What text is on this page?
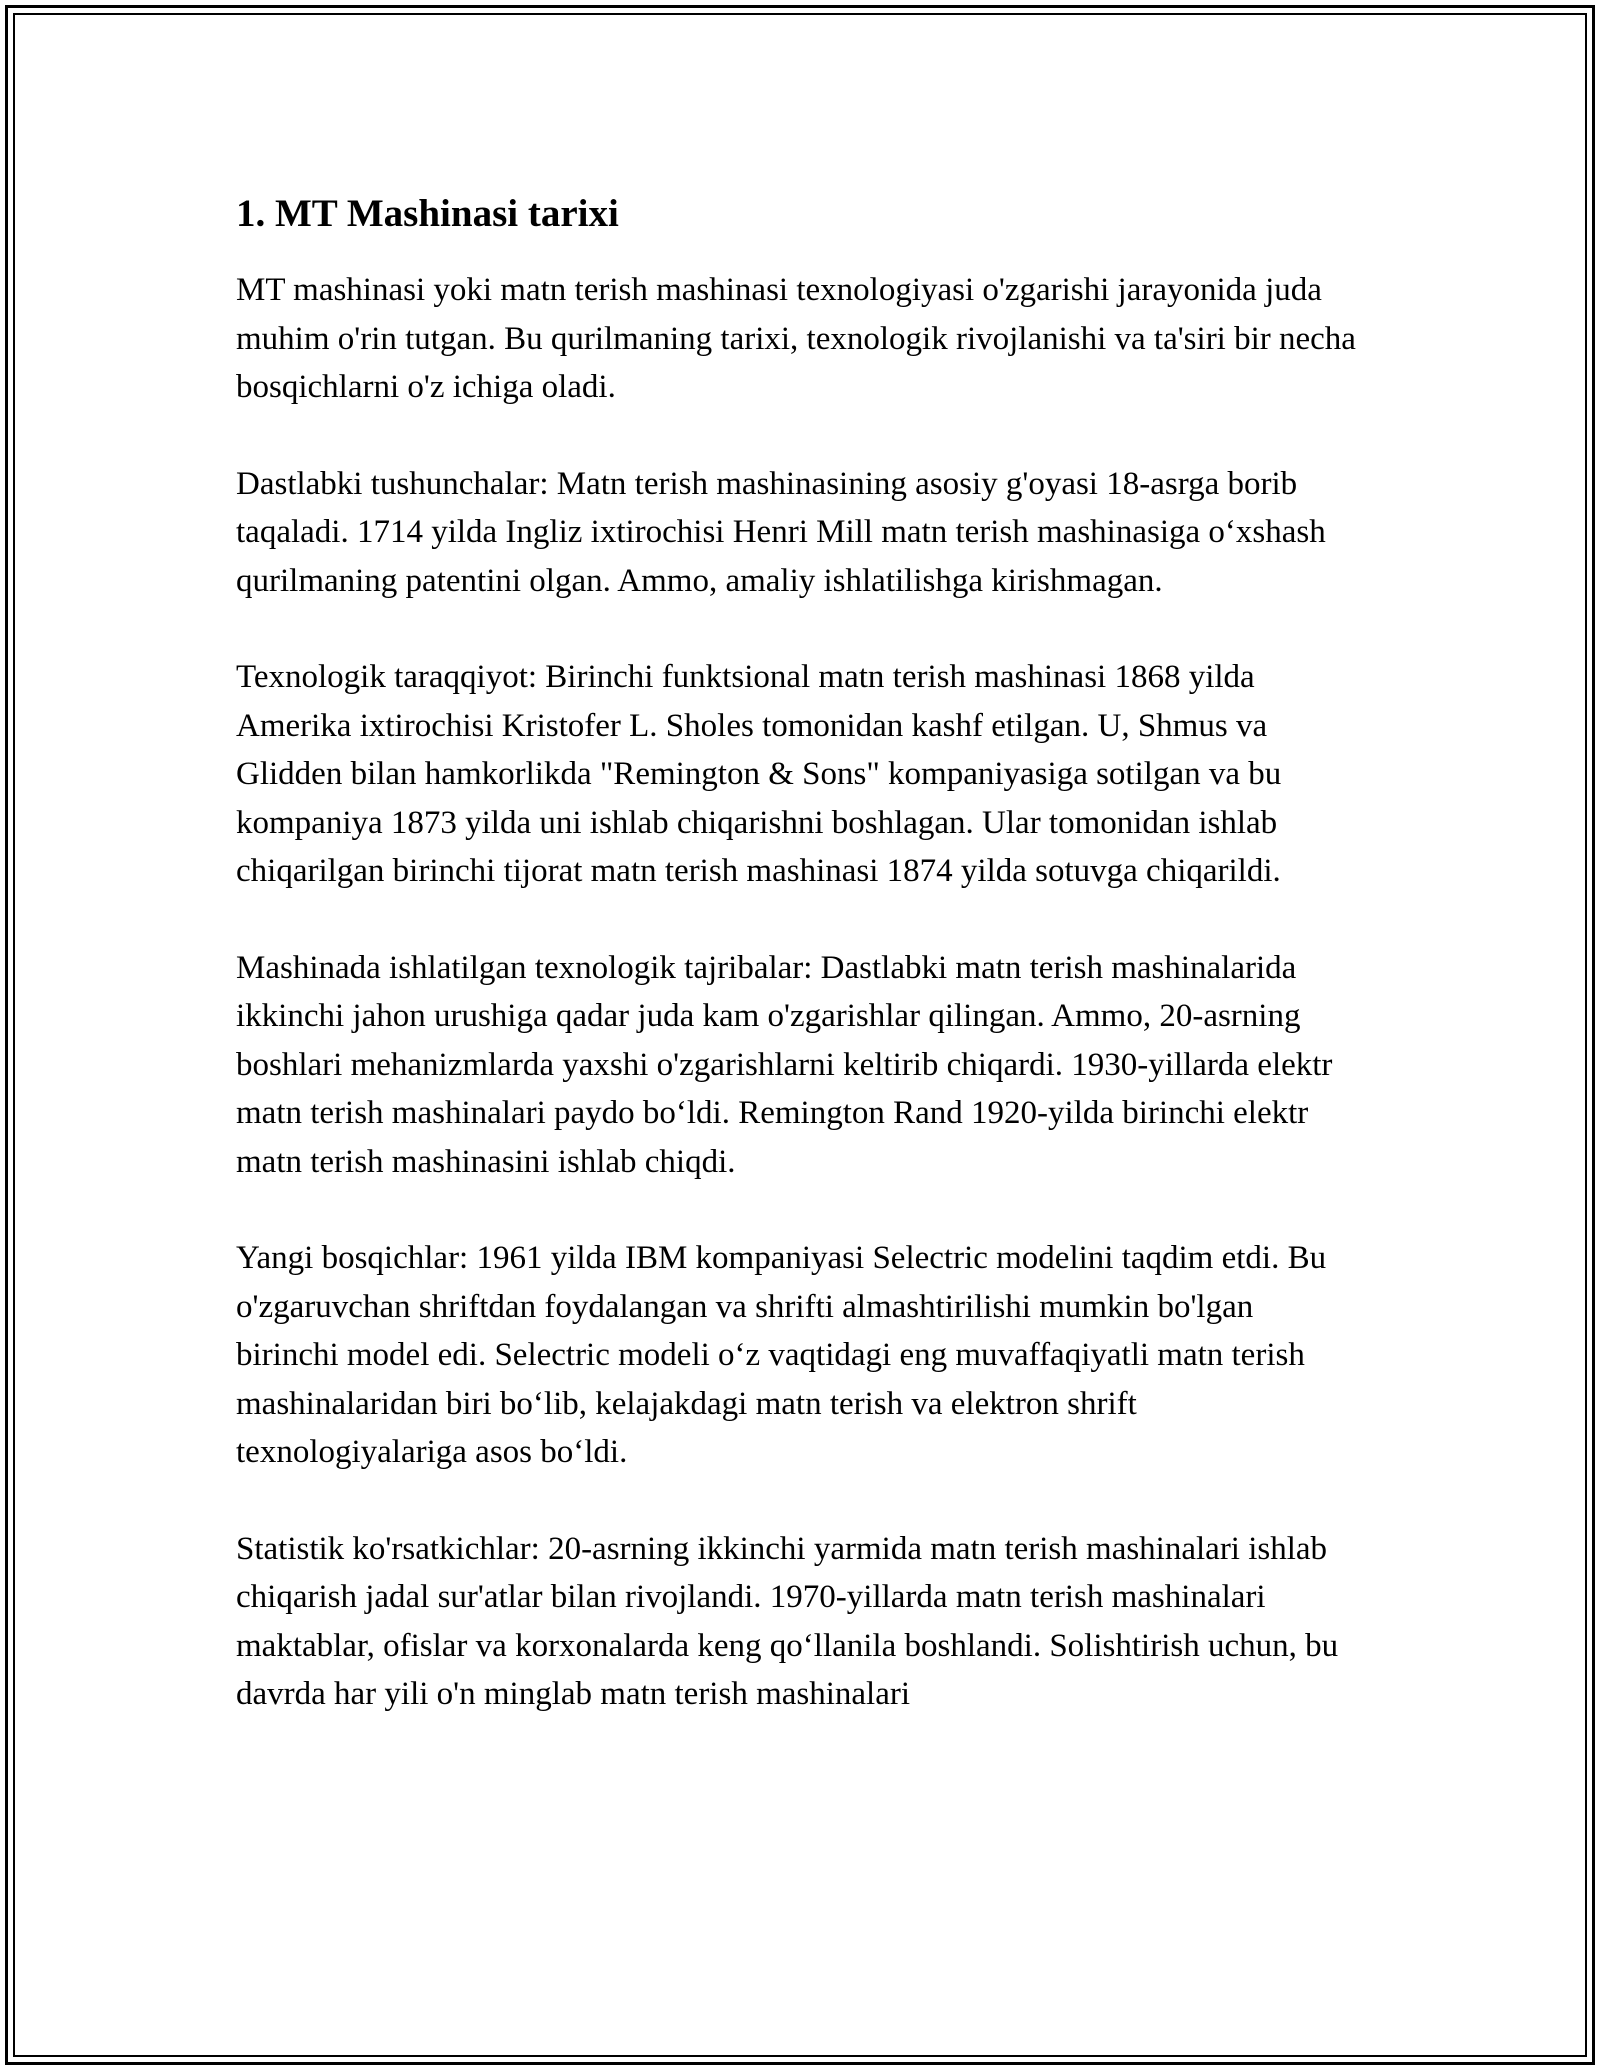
1. MT Mashinasi tarixi

MT mashinasi yoki matn terish mashinasi texnologiyasi o'zgarishi jarayonida juda muhim o'rin tutgan. Bu qurilmaning tarixi, texnologik rivojlanishi va ta'siri bir necha bosqichlarni o'z ichiga oladi.

Dastlabki tushunchalar: Matn terish mashinasining asosiy g'oyasi 18-asrga borib taqaladi. 1714 yilda Ingliz ixtirochisi Henri Mill matn terish mashinasiga o‘xshash qurilmaning patentini olgan. Ammo, amaliy ishlatilishga kirishmagan.

Texnologik taraqqiyot: Birinchi funktsional matn terish mashinasi 1868 yilda Amerika ixtirochisi Kristofer L. Sholes tomonidan kashf etilgan. U, Shmus va Glidden bilan hamkorlikda "Remington & Sons" kompaniyasiga sotilgan va bu kompaniya 1873 yilda uni ishlab chiqarishni boshlagan. Ular tomonidan ishlab chiqarilgan birinchi tijorat matn terish mashinasi 1874 yilda sotuvga chiqarildi.

Mashinada ishlatilgan texnologik tajribalar: Dastlabki matn terish mashinalarida ikkinchi jahon urushiga qadar juda kam o'zgarishlar qilingan. Ammo, 20-asrning boshlari mehanizmlarda yaxshi o'zgarishlarni keltirib chiqardi. 1930-yillarda elektr matn terish mashinalari paydo bo‘ldi. Remington Rand 1920-yilda birinchi elektr matn terish mashinasini ishlab chiqdi.

Yangi bosqichlar: 1961 yilda IBM kompaniyasi Selectric modelini taqdim etdi. Bu o'zgaruvchan shriftdan foydalangan va shrifti almashtirilishi mumkin bo'lgan birinchi model edi. Selectric modeli o‘z vaqtidagi eng muvaffaqiyatli matn terish mashinalaridan biri bo‘lib, kelajakdagi matn terish va elektron shrift texnologiyalariga asos bo‘ldi.

Statistik ko'rsatkichlar: 20-asrning ikkinchi yarmida matn terish mashinalari ishlab chiqarish jadal sur'atlar bilan rivojlandi. 1970-yillarda matn terish mashinalari maktablar, ofislar va korxonalarda keng qo‘llanila boshlandi. Solishtirish uchun, bu davrda har yili o'n minglab matn terish mashinalari
